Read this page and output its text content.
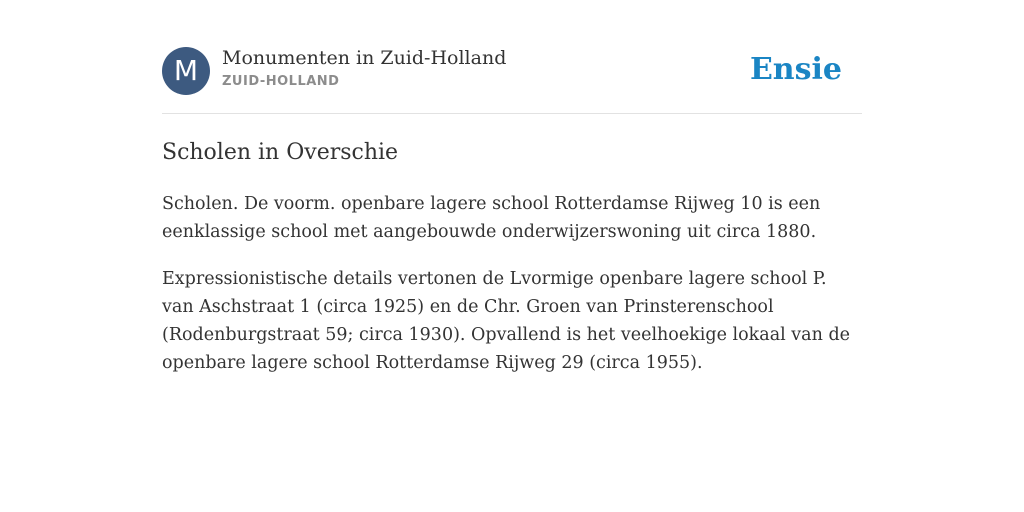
M	Monumenten in Zuid-Holland
ZUID-HOLLAND	Ensie
Scholen in Overschie

Scholen. De voorm. openbare lagere school Rotterdamse Rijweg 10 is een eenklassige school met aangebouwde onderwijzerswoning uit circa 1880.

Expressionistische details vertonen de Lvormige openbare lagere school P. van Aschstraat 1 (circa 1925) en de Chr. Groen van Prinsterenschool (Rodenburgstraat 59; circa 1930). Opvallend is het veelhoekige lokaal van de openbare lagere school Rotterdamse Rijweg 29 (circa 1955).
